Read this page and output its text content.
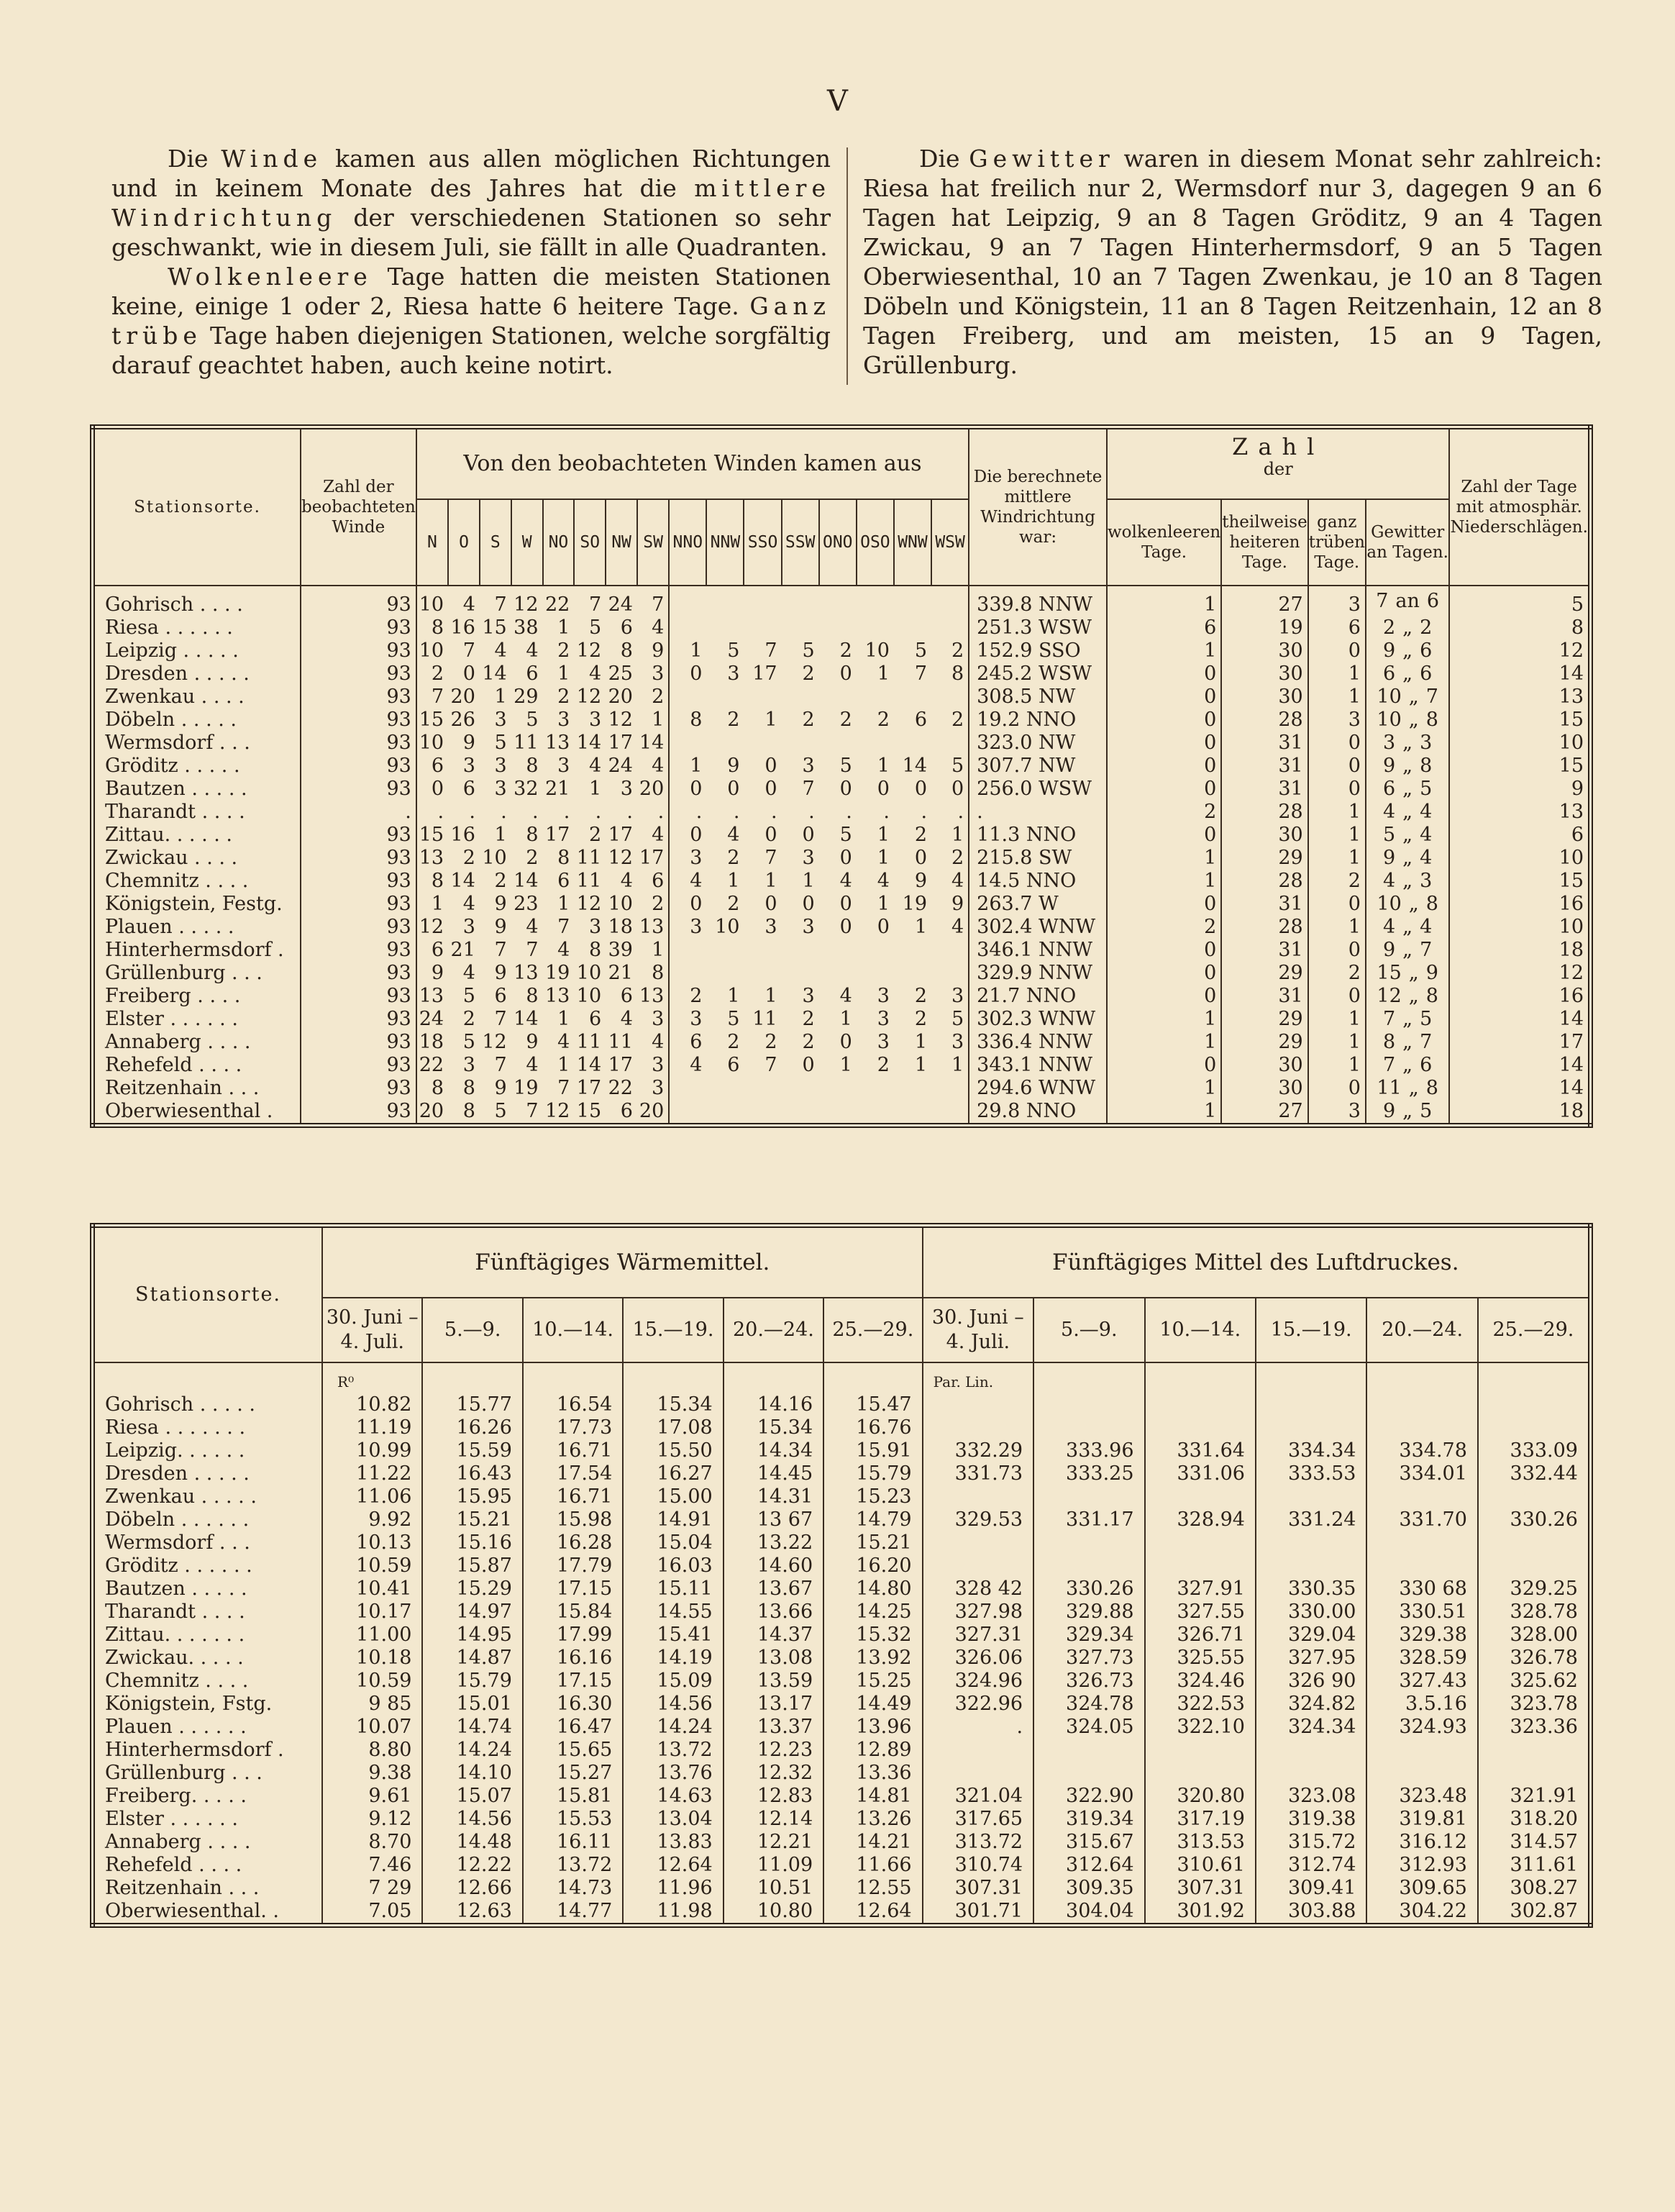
V

Die Winde kamen aus allen möglichen Richtungen und in keinem Monate des Jahres hat die mittlere Windrichtung der verschiedenen Stationen so sehr geschwankt, wie in diesem Juli, sie fällt in alle Quadranten.

Wolkenleere Tage hatten die meisten Stationen keine, einige 1 oder 2, Riesa hatte 6 heitere Tage. Ganz trübe Tage haben diejenigen Stationen, welche sorgfältig darauf geachtet haben, auch keine notirt.

Die Gewitter waren in diesem Monat sehr zahlreich: Riesa hat freilich nur 2, Wermsdorf nur 3, dagegen 9 an 6 Tagen hat Leipzig, 9 an 8 Tagen Gröditz, 9 an 4 Tagen Zwickau, 9 an 7 Tagen Hinterhermsdorf, 9 an 5 Tagen Oberwiesenthal, 10 an 7 Tagen Zwenkau, je 10 an 8 Tagen Döbeln und Königstein, 11 an 8 Tagen Reitzenhain, 12 an 8 Tagen Freiberg, und am meisten, 15 an 9 Tagen, Grüllenburg.

Stationsorte.	Zahl der beobachteten Winde	Von den beobachteten Winden kamen aus																Die berechnete mittlere Windrichtung war:	Zahl
der				Zahl der Tage mit atmosphär. Niederschlägen.
		N	O	S	W	NO	SO	NW	SW	NNO	NNW	SSO	SSW	ONO	OSO	WNW	WSW		wolkenleeren Tage.	theilweise heiteren Tage.	ganz trüben Tage.	Gewitter an Tagen.	
Gohrisch . . . .	93	10	4	7	12	22	7	24	7									339.8 NNW	1	27	3	7 an 6	5
Riesa . . . . . .	93	8	16	15	38	1	5	6	4									251.3 WSW	6	19	6	2 „ 2	8
Leipzig . . . . .	93	10	7	4	4	2	12	8	9	1	5	7	5	2	10	5	2	152.9 SSO	1	30	0	9 „ 6	12
Dresden . . . . .	93	2	0	14	6	1	4	25	3	0	3	17	2	0	1	7	8	245.2 WSW	0	30	1	6 „ 6	14
Zwenkau . . . .	93	7	20	1	29	2	12	20	2									308.5 NW	0	30	1	10 „ 7	13
Döbeln . . . . .	93	15	26	3	5	3	3	12	1	8	2	1	2	2	2	6	2	19.2 NNO	0	28	3	10 „ 8	15
Wermsdorf . . .	93	10	9	5	11	13	14	17	14									323.0 NW	0	31	0	3 „ 3	10
Gröditz . . . . .	93	6	3	3	8	3	4	24	4	1	9	0	3	5	1	14	5	307.7 NW	0	31	0	9 „ 8	15
Bautzen . . . . .	93	0	6	3	32	21	1	3	20	0	0	0	7	0	0	0	0	256.0 WSW	0	31	0	6 „ 5	9
Tharandt . . . .	.	.	.	.	.	.	.	.	.	.	.	.	.	.	.	.	.	.	2	28	1	4 „ 4	13
Zittau. . . . . .	93	15	16	1	8	17	2	17	4	0	4	0	0	5	1	2	1	11.3 NNO	0	30	1	5 „ 4	6
Zwickau . . . .	93	13	2	10	2	8	11	12	17	3	2	7	3	0	1	0	2	215.8 SW	1	29	1	9 „ 4	10
Chemnitz . . . .	93	8	14	2	14	6	11	4	6	4	1	1	1	4	4	9	4	14.5 NNO	1	28	2	4 „ 3	15
Königstein, Festg.	93	1	4	9	23	1	12	10	2	0	2	0	0	0	1	19	9	263.7 W	0	31	0	10 „ 8	16
Plauen . . . . .	93	12	3	9	4	7	3	18	13	3	10	3	3	0	0	1	4	302.4 WNW	2	28	1	4 „ 4	10
Hinterhermsdorf .	93	6	21	7	7	4	8	39	1									346.1 NNW	0	31	0	9 „ 7	18
Grüllenburg . . .	93	9	4	9	13	19	10	21	8									329.9 NNW	0	29	2	15 „ 9	12
Freiberg . . . .	93	13	5	6	8	13	10	6	13	2	1	1	3	4	3	2	3	21.7 NNO	0	31	0	12 „ 8	16
Elster . . . . . .	93	24	2	7	14	1	6	4	3	3	5	11	2	1	3	2	5	302.3 WNW	1	29	1	7 „ 5	14
Annaberg . . . .	93	18	5	12	9	4	11	11	4	6	2	2	2	0	3	1	3	336.4 NNW	1	29	1	8 „ 7	17
Rehefeld . . . .	93	22	3	7	4	1	14	17	3	4	6	7	0	1	2	1	1	343.1 NNW	0	30	1	7 „ 6	14
Reitzenhain . . .	93	8	8	9	19	7	17	22	3									294.6 WNW	1	30	0	11 „ 8	14
Oberwiesenthal .	93	20	8	5	7	12	15	6	20									29.8 NNO	1	27	3	9 „ 5	18
Stationsorte.	Fünftägiges Wärmemittel.						Fünftägiges Mittel des Luftdruckes.					
	30. Juni – 4. Juli.	5.—9.	10.—14.	15.—19.	20.—24.	25.—29.	30. Juni – 4. Juli.	5.—9.	10.—14.	15.—19.	20.—24.	25.—29.
	R⁰						Par. Lin.					
Gohrisch . . . . .	10.82	15.77	16.54	15.34	14.16	15.47						
Riesa . . . . . . .	11.19	16.26	17.73	17.08	15.34	16.76						
Leipzig. . . . . .	10.99	15.59	16.71	15.50	14.34	15.91	332.29	333.96	331.64	334.34	334.78	333.09
Dresden . . . . .	11.22	16.43	17.54	16.27	14.45	15.79	331.73	333.25	331.06	333.53	334.01	332.44
Zwenkau . . . . .	11.06	15.95	16.71	15.00	14.31	15.23						
Döbeln . . . . . .	9.92	15.21	15.98	14.91	13 67	14.79	329.53	331.17	328.94	331.24	331.70	330.26
Wermsdorf . . .	10.13	15.16	16.28	15.04	13.22	15.21						
Gröditz . . . . . .	10.59	15.87	17.79	16.03	14.60	16.20						
Bautzen . . . . .	10.41	15.29	17.15	15.11	13.67	14.80	328 42	330.26	327.91	330.35	330 68	329.25
Tharandt . . . .	10.17	14.97	15.84	14.55	13.66	14.25	327.98	329.88	327.55	330.00	330.51	328.78
Zittau. . . . . . .	11.00	14.95	17.99	15.41	14.37	15.32	327.31	329.34	326.71	329.04	329.38	328.00
Zwickau. . . . .	10.18	14.87	16.16	14.19	13.08	13.92	326.06	327.73	325.55	327.95	328.59	326.78
Chemnitz . . . .	10.59	15.79	17.15	15.09	13.59	15.25	324.96	326.73	324.46	326 90	327.43	325.62
Königstein, Fstg.	9 85	15.01	16.30	14.56	13.17	14.49	322.96	324.78	322.53	324.82	3.5.16	323.78
Plauen . . . . . .	10.07	14.74	16.47	14.24	13.37	13.96	.	324.05	322.10	324.34	324.93	323.36
Hinterhermsdorf .	8.80	14.24	15.65	13.72	12.23	12.89						
Grüllenburg . . .	9.38	14.10	15.27	13.76	12.32	13.36						
Freiberg. . . . .	9.61	15.07	15.81	14.63	12.83	14.81	321.04	322.90	320.80	323.08	323.48	321.91
Elster . . . . . .	9.12	14.56	15.53	13.04	12.14	13.26	317.65	319.34	317.19	319.38	319.81	318.20
Annaberg . . . .	8.70	14.48	16.11	13.83	12.21	14.21	313.72	315.67	313.53	315.72	316.12	314.57
Rehefeld . . . .	7.46	12.22	13.72	12.64	11.09	11.66	310.74	312.64	310.61	312.74	312.93	311.61
Reitzenhain . . .	7 29	12.66	14.73	11.96	10.51	12.55	307.31	309.35	307.31	309.41	309.65	308.27
Oberwiesenthal. .	7.05	12.63	14.77	11.98	10.80	12.64	301.71	304.04	301.92	303.88	304.22	302.87
